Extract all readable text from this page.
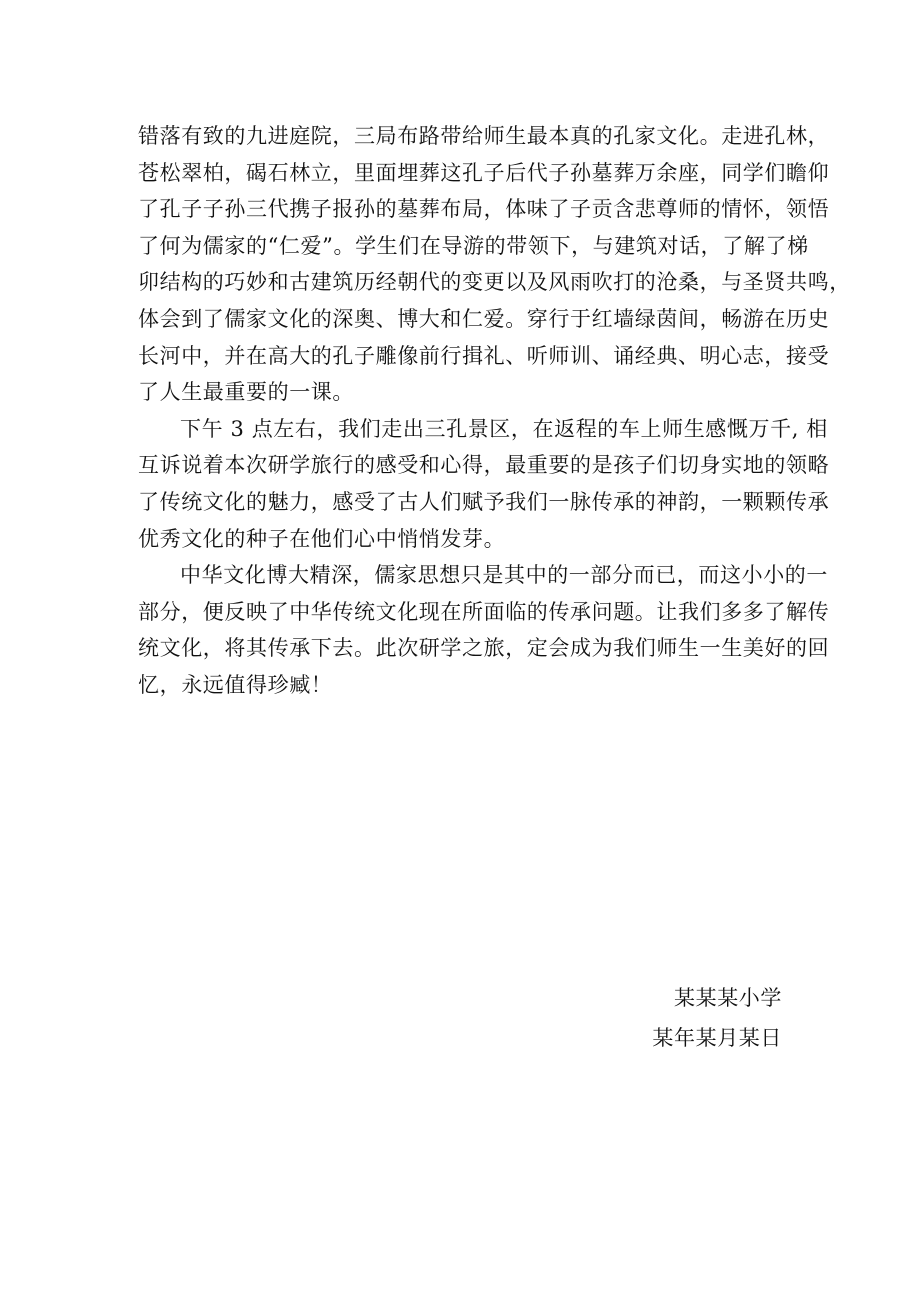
错落有致的九进庭院，三局布路带给师生最本真的孔家文化。走进孔林，
苍松翠柏，碣石林立，里面埋葬这孔子后代子孙墓葬万余座，同学们瞻仰
了孔子子孙三代携子报孙的墓葬布局，体味了子贡含悲尊师的情怀，领悟
了何为儒家的“仁爱”。学生们在导游的带领下，与建筑对话，了解了梯
卯结构的巧妙和古建筑历经朝代的变更以及风雨吹打的沧桑，与圣贤共鸣，
体会到了儒家文化的深奥、博大和仁爱。穿行于红墙绿茵间，畅游在历史
长河中，并在高大的孔子雕像前行揖礼、听师训、诵经典、明心志，接受
了人生最重要的一课。

下午 3 点左右，我们走出三孔景区，在返程的车上师生感慨万千, 相
互诉说着本次研学旅行的感受和心得，最重要的是孩子们切身实地的领略
了传统文化的魅力，感受了古人们赋予我们一脉传承的神韵，一颗颗传承
优秀文化的种子在他们心中悄悄发芽。

中华文化博大精深，儒家思想只是其中的一部分而已，而这小小的一
部分，便反映了中华传统文化现在所面临的传承问题。让我们多多了解传
统文化，将其传承下去。此次研学之旅，定会成为我们师生一生美好的回
忆，永远值得珍臧！

某某某小学
某年某月某日
